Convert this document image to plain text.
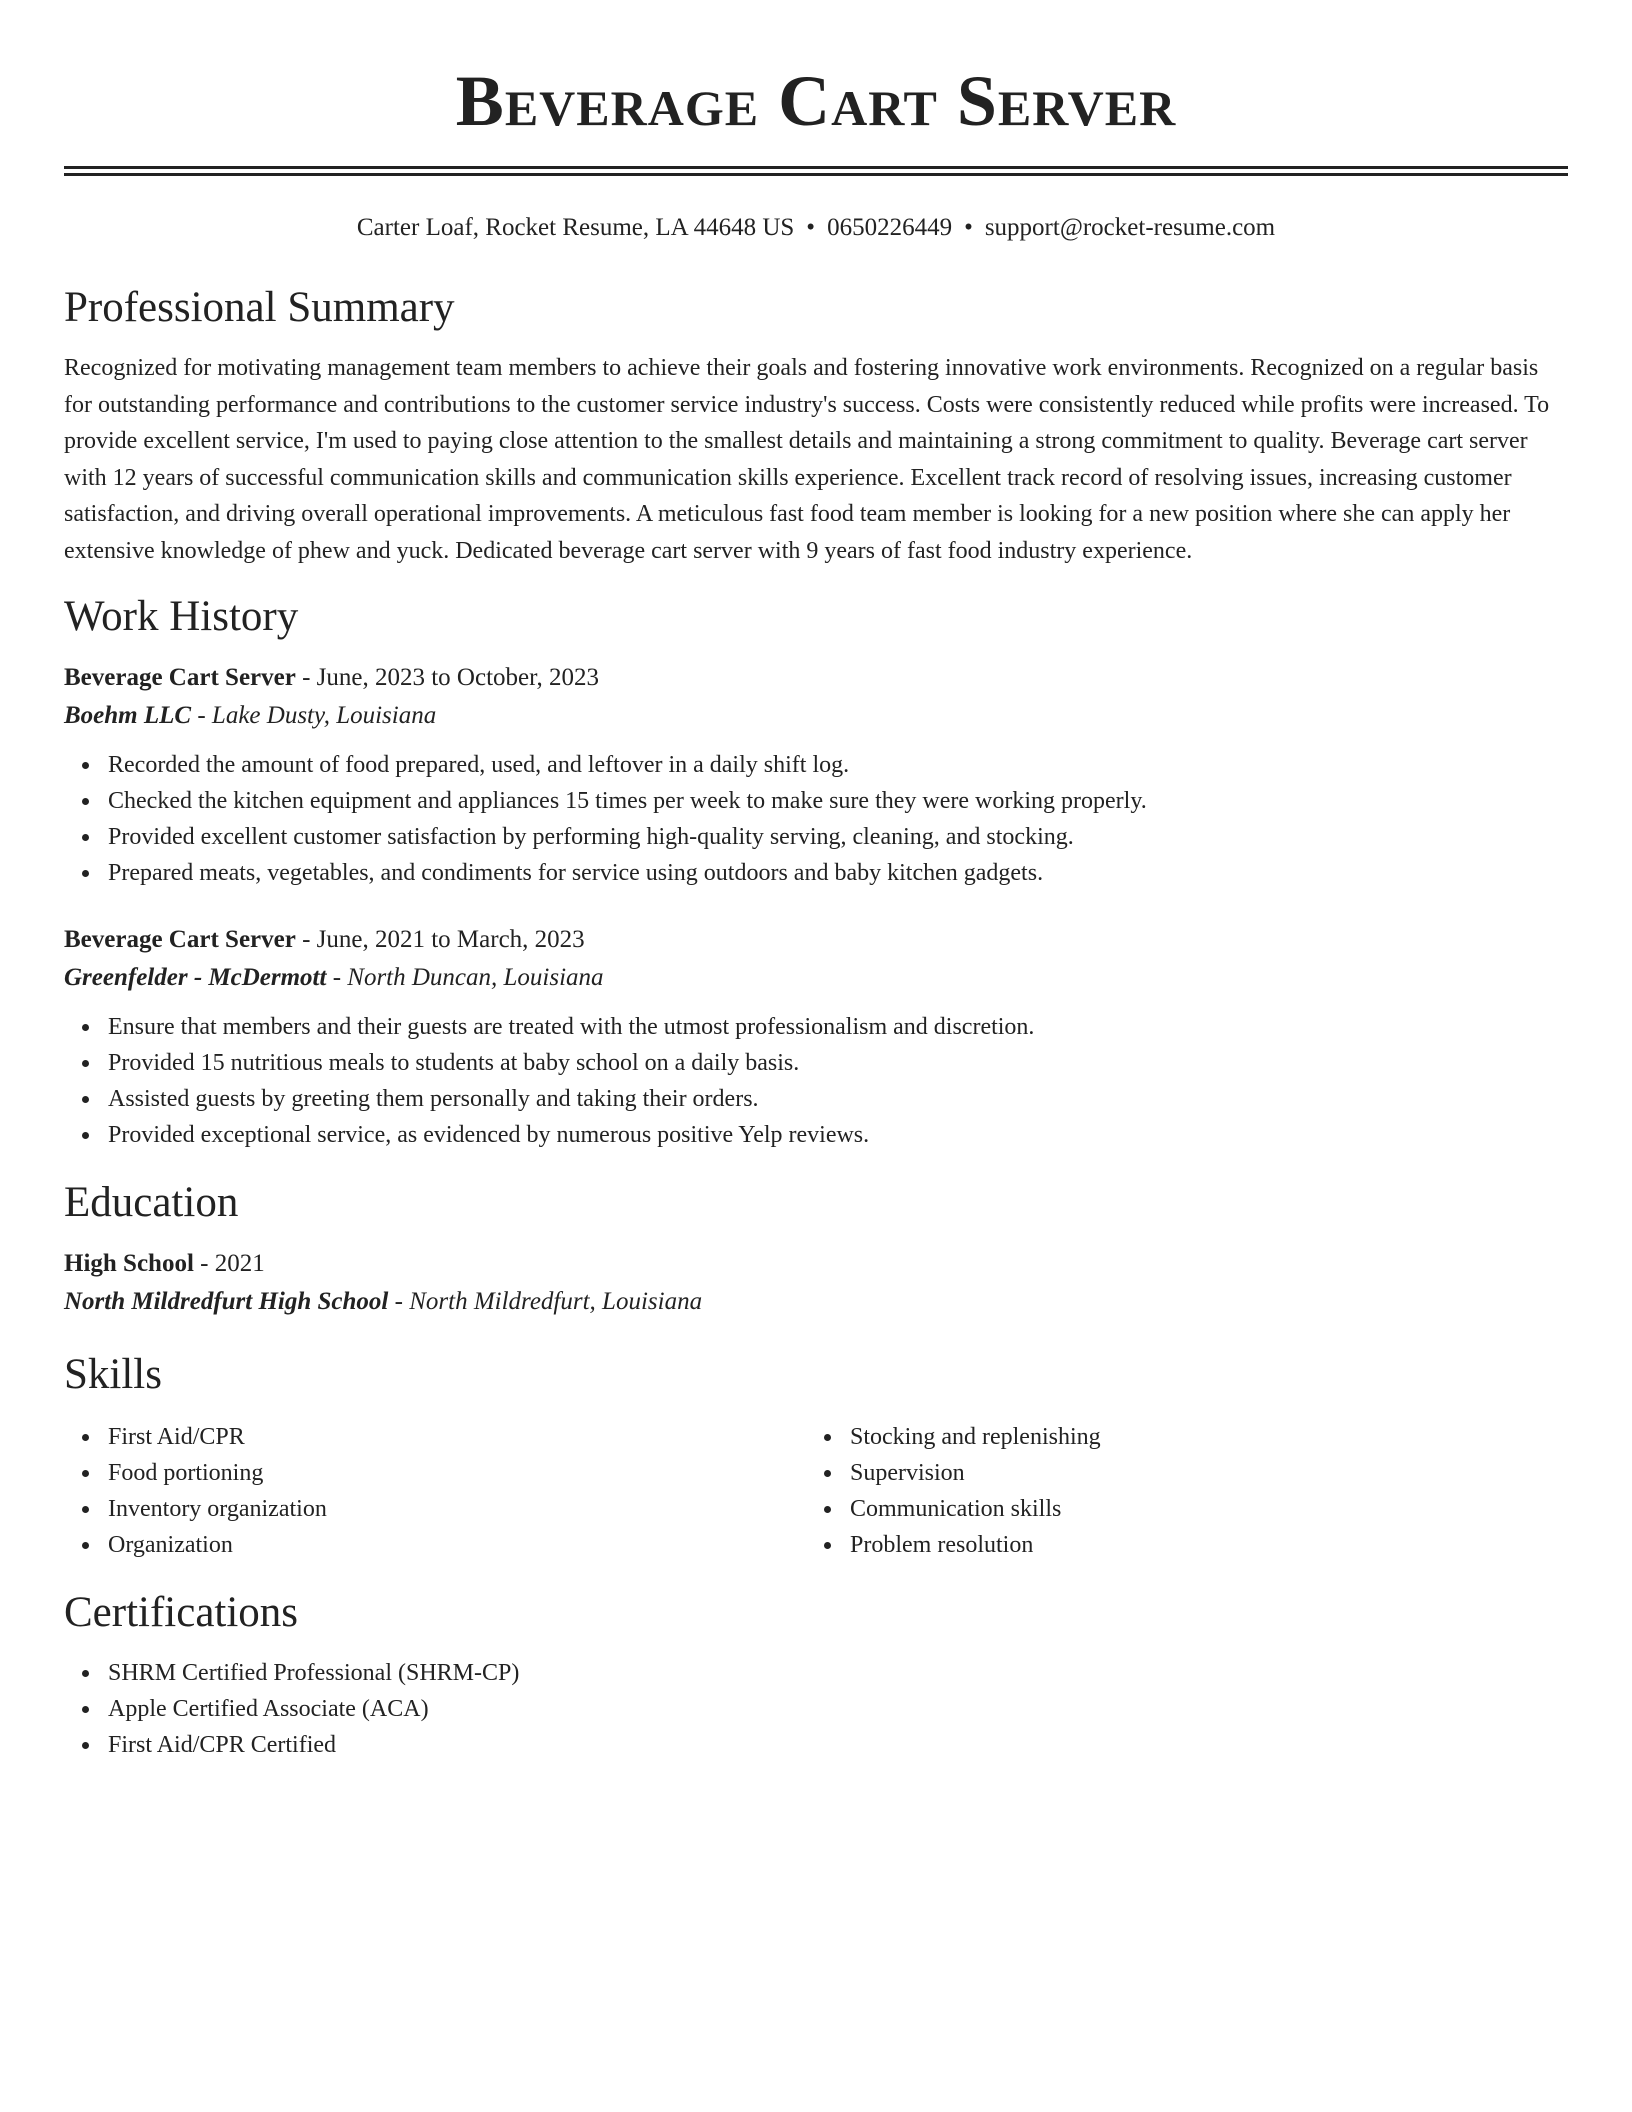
Beverage Cart Server
Carter Loaf, Rocket Resume, LA 44648 US • 0650226449 • support@rocket-resume.com
Professional Summary

Recognized for motivating management team members to achieve their goals and fostering innovative work environments. Recognized on a regular basis for outstanding performance and contributions to the customer service industry's success. Costs were consistently reduced while profits were increased. To provide excellent service, I'm used to paying close attention to the smallest details and maintaining a strong commitment to quality. Beverage cart server with 12 years of successful communication skills and communication skills experience. Excellent track record of resolving issues, increasing customer satisfaction, and driving overall operational improvements. A meticulous fast food team member is looking for a new position where she can apply her extensive knowledge of phew and yuck. Dedicated beverage cart server with 9 years of fast food industry experience.

Work History
Beverage Cart Server - June, 2023 to October, 2023
Boehm LLC - Lake Dusty, Louisiana
Recorded the amount of food prepared, used, and leftover in a daily shift log.
Checked the kitchen equipment and appliances 15 times per week to make sure they were working properly.
Provided excellent customer satisfaction by performing high-quality serving, cleaning, and stocking.
Prepared meats, vegetables, and condiments for service using outdoors and baby kitchen gadgets.
Beverage Cart Server - June, 2021 to March, 2023
Greenfelder - McDermott - North Duncan, Louisiana
Ensure that members and their guests are treated with the utmost professionalism and discretion.
Provided 15 nutritious meals to students at baby school on a daily basis.
Assisted guests by greeting them personally and taking their orders.
Provided exceptional service, as evidenced by numerous positive Yelp reviews.
Education
High School - 2021
North Mildredfurt High School - North Mildredfurt, Louisiana
Skills
First Aid/CPR
Food portioning
Inventory organization
Organization
Stocking and replenishing
Supervision
Communication skills
Problem resolution
Certifications
SHRM Certified Professional (SHRM-CP)
Apple Certified Associate (ACA)
First Aid/CPR Certified
